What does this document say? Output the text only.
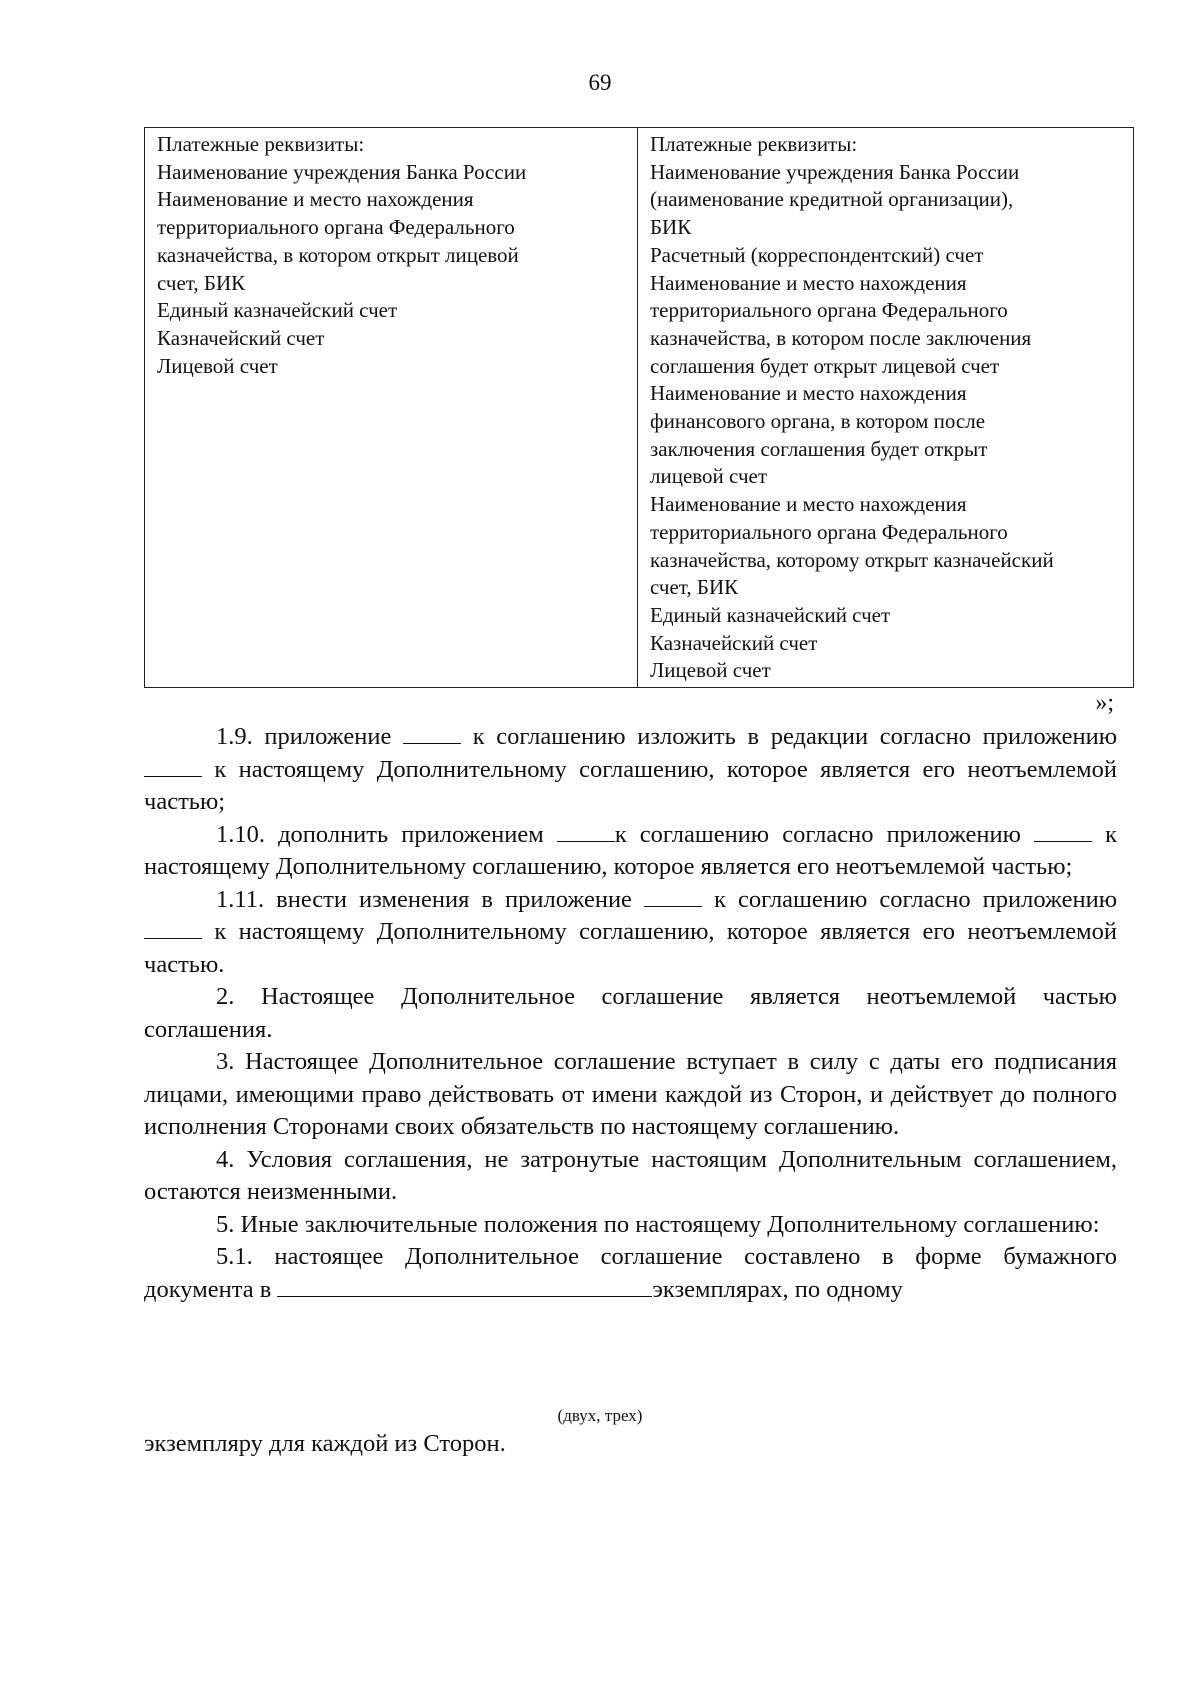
69
Платежные реквизиты:
Наименование учреждения Банка России
Наименование и место нахождения
территориального органа Федерального
казначейства, в котором открыт лицевой
счет, БИК
Единый казначейский счет
Казначейский счет
Лицевой счет

Платежные реквизиты:
Наименование учреждения Банка России
(наименование кредитной организации),
БИК
Расчетный (корреспондентский) счет
Наименование и место нахождения
территориального органа Федерального
казначейства, в котором после заключения
соглашения будет открыт лицевой счет
Наименование и место нахождения
финансового органа, в котором после
заключения соглашения будет открыт
лицевой счет
Наименование и место нахождения
территориального органа Федерального
казначейства, которому открыт казначейский
счет, БИК
Единый казначейский счет
Казначейский счет
Лицевой счет
»;

1.9. приложение	к соглашению изложить в редакции согласно приложению  к настоящему Дополнительному соглашению, которое является его неотъемлемой частью;

1.10. дополнить приложением	к соглашению согласно приложению	к настоящему Дополнительному соглашению, которое является его неотъемлемой частью;

1.11. внести изменения в приложение	к соглашению согласно приложению  к настоящему Дополнительному соглашению, которое является его неотъемлемой частью.

2. Настоящее Дополнительное соглашение является неотъемлемой частью соглашения.

3. Настоящее Дополнительное соглашение вступает в силу с даты его подписания лицами, имеющими право действовать от имени каждой из Сторон, и действует до полного исполнения Сторонами своих обязательств по настоящему соглашению.

4. Условия соглашения, не затронутые настоящим Дополнительным соглашением, остаются неизменными.

5. Иные заключительные положения по настоящему Дополнительному соглашению:

5.1. настоящее Дополнительное соглашение составлено в форме бумажного документа в	экземплярах, по одному

(двух, трех)
экземпляру для каждой из Сторон.
